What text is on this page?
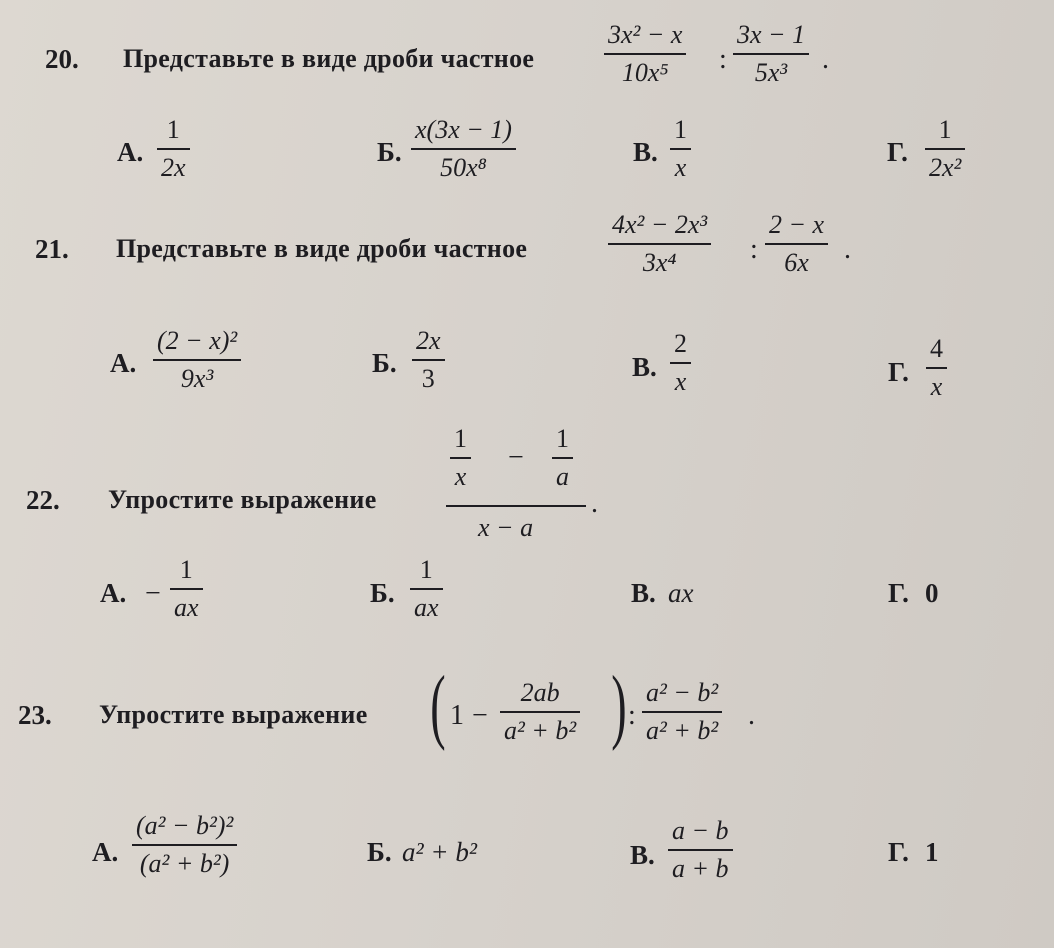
20. Представьте в виде дроби частное
3x² − x
10x⁵ :
3x − 1
5x³ .
А.
1
2x
Б.
x(3x − 1)
50x⁸
В.
1
x
Г.
1
2x²
21. Представьте в виде дроби частное
4x² − 2x³
3x⁴	:
2 − x
6x .
А.
(2 − x)²
9x³
Б.
2x
3	В.
2
x	Г.
4
x
22. Упростите выражение
1
x
−
1
a
x − a
.
А. −
1
ax	Б.
1
ax	В. ax	Г. 0
23. Упростите выражение ( 1 −
2ab
a² + b² ) :
a² − b²
a² + b² .
А.
(a² − b²)²
(a² + b²)	Б. a² + b²	В.
a − b
a + b
Г. 1
